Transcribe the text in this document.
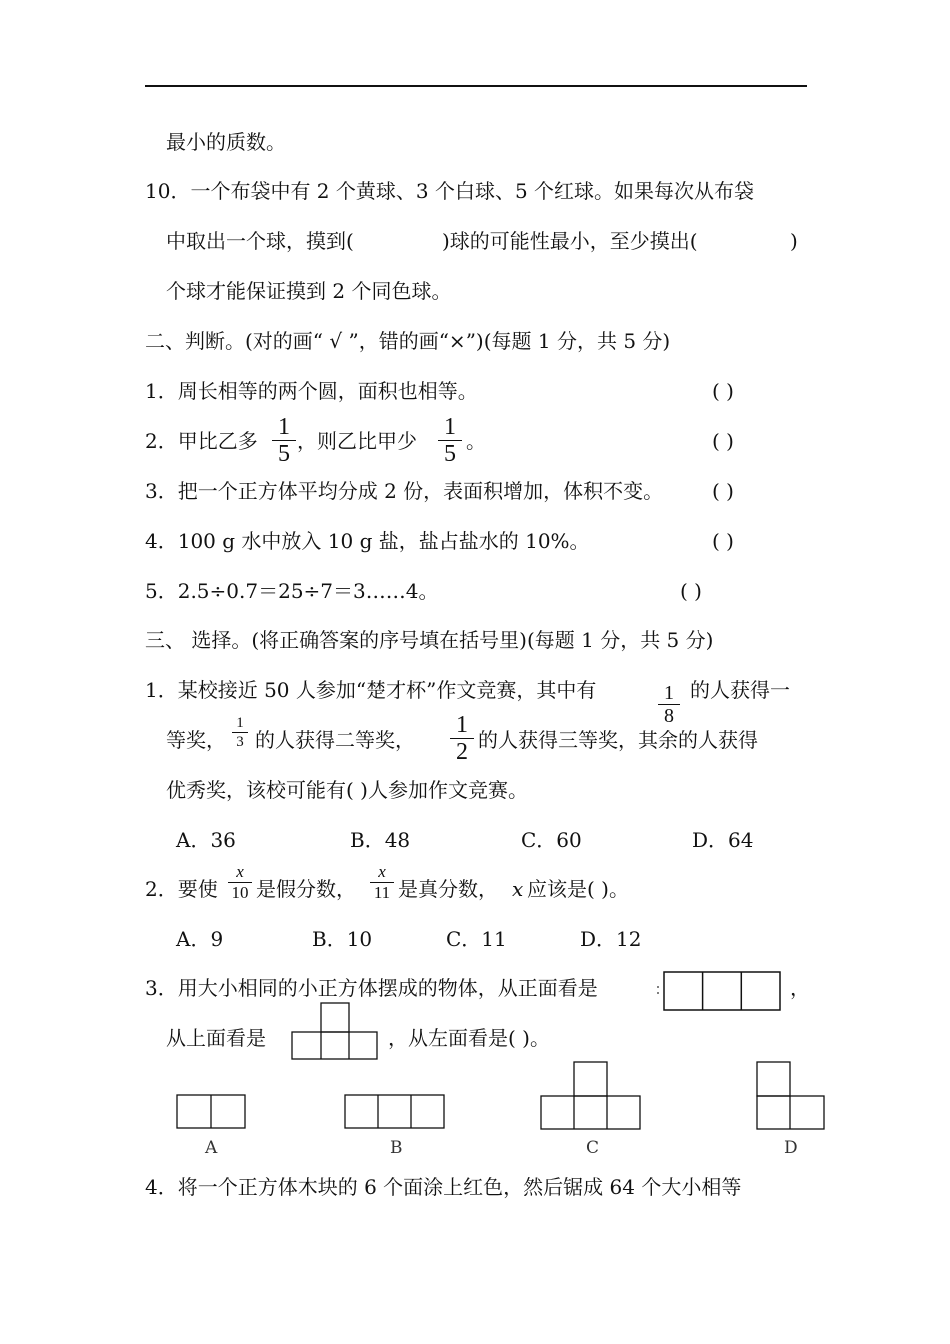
最小的质数。
10．一个布袋中有 2 个黄球、3 个白球、5 个红球。如果每次从布袋
中取出一个球，摸到(	)球的可能性最小，至少摸出(	)
个球才能保证摸到 2 个同色球。
二、判断。(对的画“ √ ”，错的画“×”)(每题 1 分，共 5 分)
1．周长相等的两个圆，面积也相等。	( )
2．甲比乙多
1
5 ，则乙比甲少
1
5 。	( )
3．把一个正方体平均分成 2 份，表面积增加，体积不变。 ( )
4．100 g 水中放入 10 g 盐，盐占盐水的 10%。	( )
5．2.5÷0.7＝25÷7＝3……4。	( )
三、 选择。(将正确答案的序号填在括号里)(每题 1 分，共 5 分)
1．某校接近 50 人参加“楚才杯”作文竞赛，其中有	1
8
的人获得一
等奖，
1
3 的人获得二等奖，
1
2 的人获得三等奖，其余的人获得
优秀奖，该校可能有( )人参加作文竞赛。
A．36	B．48	C．60	D．64
2．要使
x
10 是假分数，
x
11 是真分数， x 应该是( )。
A．9	B．10	C．11	D．12
3．用大小相同的小正方体摆成的物体，从正面看是	，
从上面看是	，从左面看是( )。
A	B	C	D
4．将一个正方体木块的 6 个面涂上红色，然后锯成 64 个大小相等
